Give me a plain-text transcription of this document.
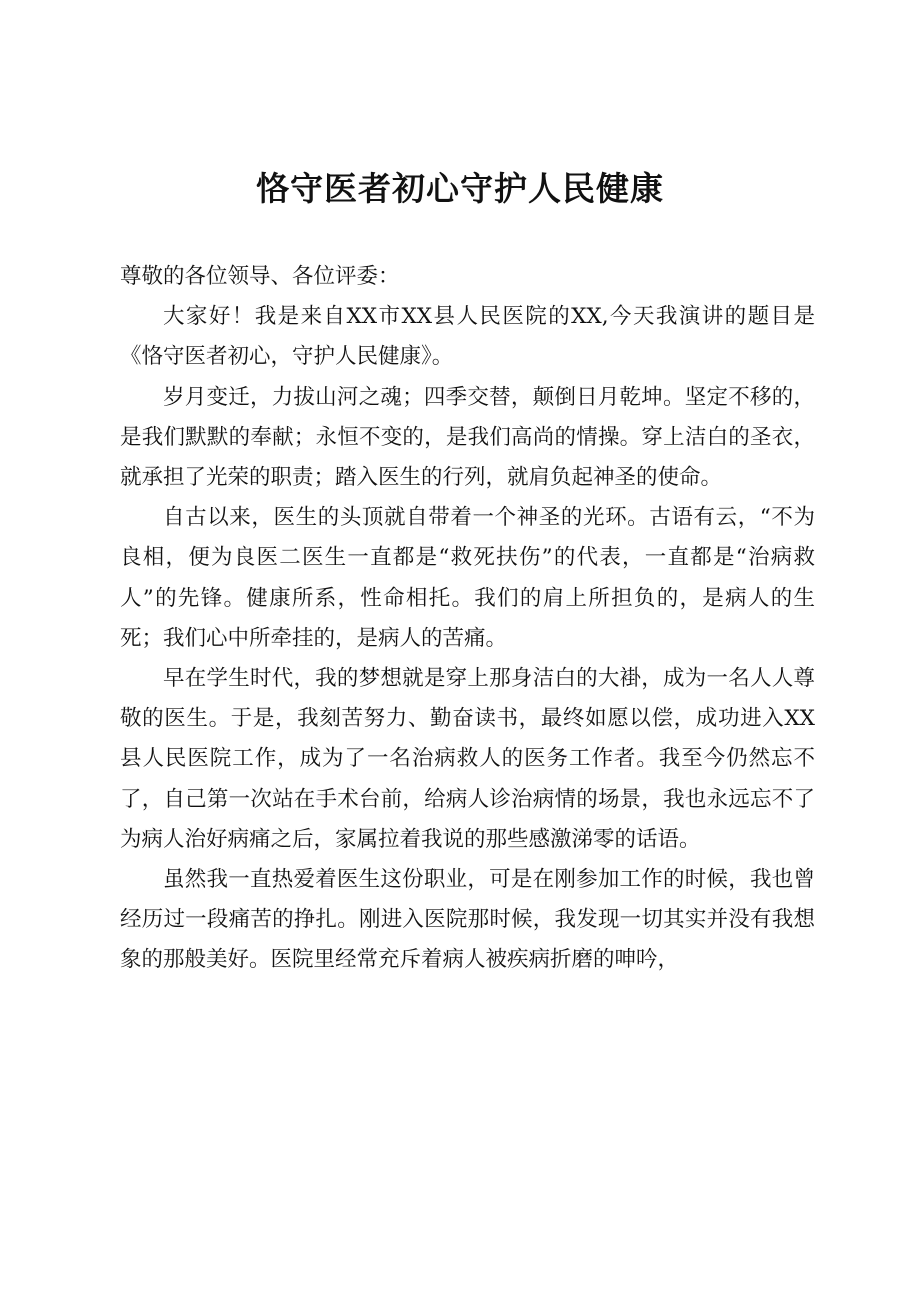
恪守医者初心守护人民健康

尊敬的各位领导、各位评委：

大家好！我是来自XX市XX县人民医院的XX,今天我演讲的题目是《恪守医者初心，守护人民健康》。

岁月变迁，力拔山河之魂；四季交替，颠倒日月乾坤。坚定不移的，是我们默默的奉献；永恒不变的，是我们高尚的情操。穿上洁白的圣衣，就承担了光荣的职责；踏入医生的行列，就肩负起神圣的使命。

自古以来，医生的头顶就自带着一个神圣的光环。古语有云，“不为良相，便为良医二医生一直都是“救死扶伤”的代表，一直都是“治病救人”的先锋。健康所系，性命相托。我们的肩上所担负的，是病人的生死；我们心中所牵挂的，是病人的苦痛。

早在学生时代，我的梦想就是穿上那身洁白的大褂，成为一名人人尊敬的医生。于是，我刻苦努力、勤奋读书，最终如愿以偿，成功进入XX县人民医院工作，成为了一名治病救人的医务工作者。我至今仍然忘不了，自己第一次站在手术台前，给病人诊治病情的场景，我也永远忘不了为病人治好病痛之后，家属拉着我说的那些感激涕零的话语。

虽然我一直热爱着医生这份职业，可是在刚参加工作的时候，我也曾经历过一段痛苦的挣扎。刚进入医院那时候，我发现一切其实并没有我想象的那般美好。医院里经常充斥着病人被疾病折磨的呻吟，
